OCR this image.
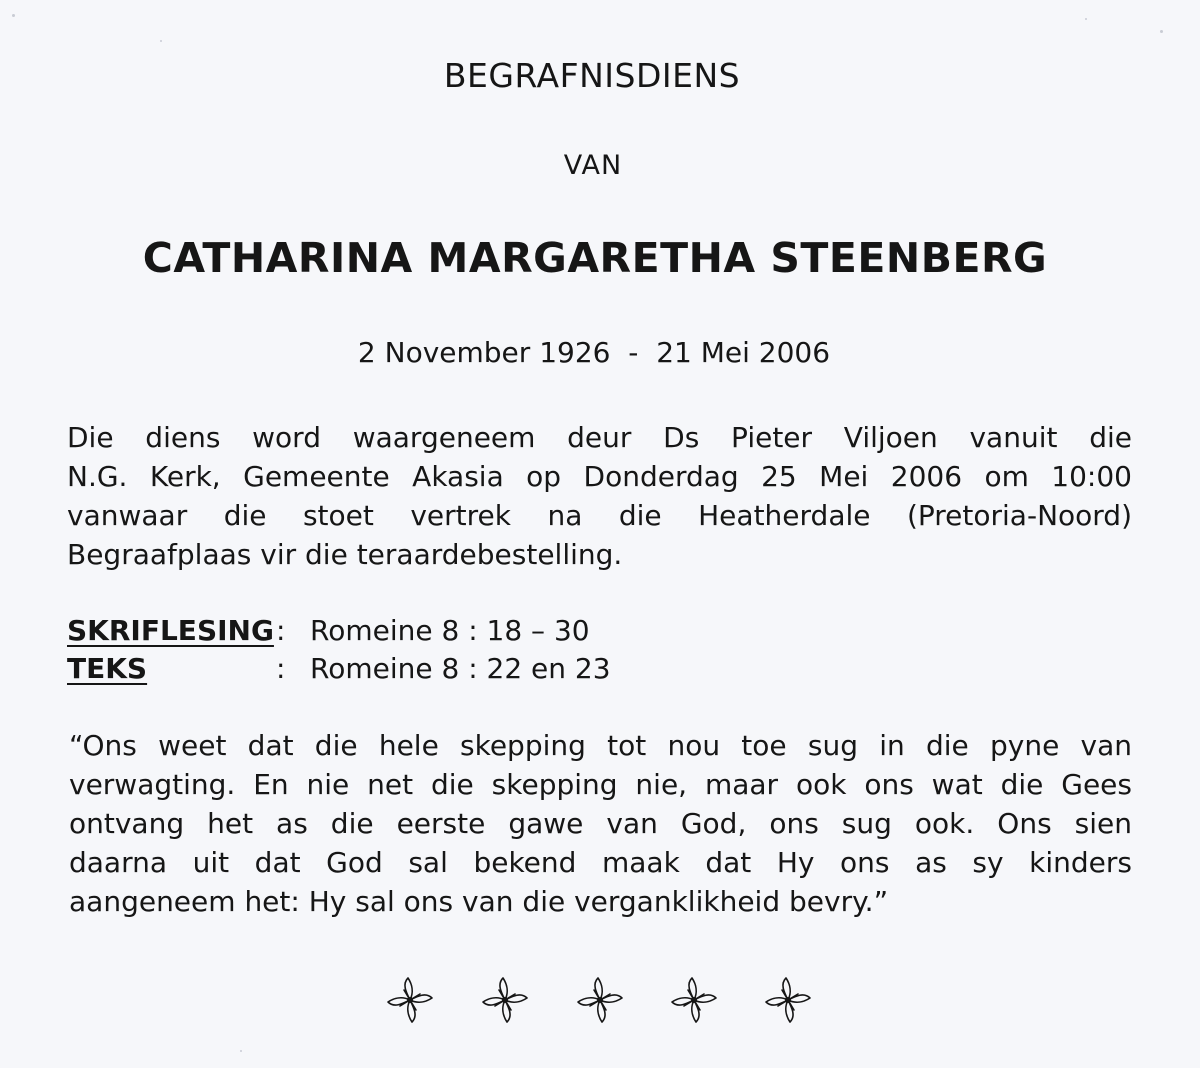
BEGRAFNISDIENS
VAN
CATHARINA MARGARETHA STEENBERG
2 November 1926 - 21 Mei 2006
Die diens word waargeneem deur Ds Pieter Viljoen vanuit die
N.G. Kerk, Gemeente Akasia op Donderdag 25 Mei 2006 om 10:00
vanwaar die stoet vertrek na die Heatherdale (Pretoria-Noord)
Begraafplaas vir die teraardebestelling.
SKRIFLESING : Romeine 8 : 18 – 30
TEKS	: Romeine 8 : 22 en 23
“Ons weet dat die hele skepping tot nou toe sug in die pyne van
verwagting. En nie net die skepping nie, maar ook ons wat die Gees
ontvang het as die eerste gawe van God, ons sug ook. Ons sien
daarna uit dat God sal bekend maak dat Hy ons as sy kinders
aangeneem het: Hy sal ons van die verganklikheid bevry.”
